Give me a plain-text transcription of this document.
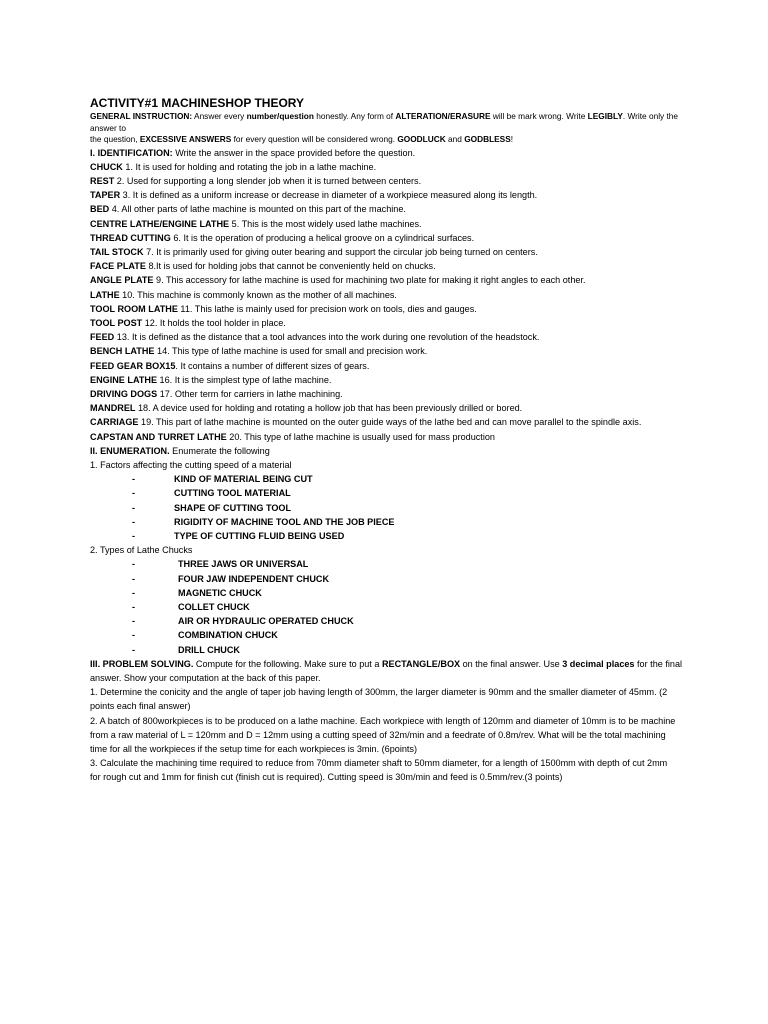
ACTIVITY#1 MACHINESHOP THEORY
GENERAL INSTRUCTION: Answer every number/question honestly. Any form of ALTERATION/ERASURE will be mark wrong. Write LEGIBLY. Write only the answer to
the question, EXCESSIVE ANSWERS for every question will be considered wrong. GOODLUCK and GODBLESS!
I. IDENTIFICATION: Write the answer in the space provided before the question.
CHUCK 1. It is used for holding and rotating the job in a lathe machine.
REST 2. Used for supporting a long slender job when it is turned between centers.
TAPER 3. It is defined as a uniform increase or decrease in diameter of a workpiece measured along its length.
BED 4. All other parts of lathe machine is mounted on this part of the machine.
CENTRE LATHE/ENGINE LATHE 5. This is the most widely used lathe machines.
THREAD CUTTING 6. It is the operation of producing a helical groove on a cylindrical surfaces.
TAIL STOCK 7. It is primarily used for giving outer bearing and support the circular job being turned on centers.
FACE PLATE 8.It is used for holding jobs that cannot be conveniently held on chucks.
ANGLE PLATE 9. This accessory for lathe machine is used for machining two plate for making it right angles to each other.
LATHE 10. This machine is commonly known as the mother of all machines.
TOOL ROOM LATHE 11. This lathe is mainly used for precision work on tools, dies and gauges.
TOOL POST 12. It holds the tool holder in place.
FEED 13. It is defined as the distance that a tool advances into the work during one revolution of the headstock.
BENCH LATHE 14. This type of lathe machine is used for small and precision work.
FEED GEAR BOX15. It contains a number of different sizes of gears.
ENGINE LATHE 16. It is the simplest type of lathe machine.
DRIVING DOGS 17. Other term for carriers in lathe machining.
MANDREL 18. A device used for holding and rotating a hollow job that has been previously drilled or bored.
CARRIAGE 19. This part of lathe machine is mounted on the outer guide ways of the lathe bed and can move parallel to the spindle axis.
CAPSTAN AND TURRET LATHE 20. This type of lathe machine is usually used for mass production
II. ENUMERATION. Enumerate the following
1. Factors affecting the cutting speed of a material
-	KIND OF MATERIAL BEING CUT
-	CUTTING TOOL MATERIAL
-	SHAPE OF CUTTING TOOL
-	RIGIDITY OF MACHINE TOOL AND THE JOB PIECE
-	TYPE OF CUTTING FLUID BEING USED
2. Types of Lathe Chucks
-	THREE JAWS OR UNIVERSAL
-	FOUR JAW INDEPENDENT CHUCK
-	MAGNETIC CHUCK
-	COLLET CHUCK
-	AIR OR HYDRAULIC OPERATED CHUCK
-	COMBINATION CHUCK
-	DRILL CHUCK
III. PROBLEM SOLVING. Compute for the following. Make sure to put a RECTANGLE/BOX on the final answer. Use 3 decimal places for the final
answer. Show your computation at the back of this paper.
1. Determine the conicity and the angle of taper job having length of 300mm, the larger diameter is 90mm and the smaller diameter of 45mm. (2
points each final answer)
2. A batch of 800workpieces is to be produced on a lathe machine. Each workpiece with length of 120mm and diameter of 10mm is to be machine
from a raw material of L = 120mm and D = 12mm using a cutting speed of 32m/min and a feedrate of 0.8m/rev. What will be the total machining
time for all the workpieces if the setup time for each workpieces is 3min. (6points)
3. Calculate the machining time required to reduce from 70mm diameter shaft to 50mm diameter, for a length of 1500mm with depth of cut 2mm
for rough cut and 1mm for finish cut (finish cut is required). Cutting speed is 30m/min and feed is 0.5mm/rev.(3 points)
